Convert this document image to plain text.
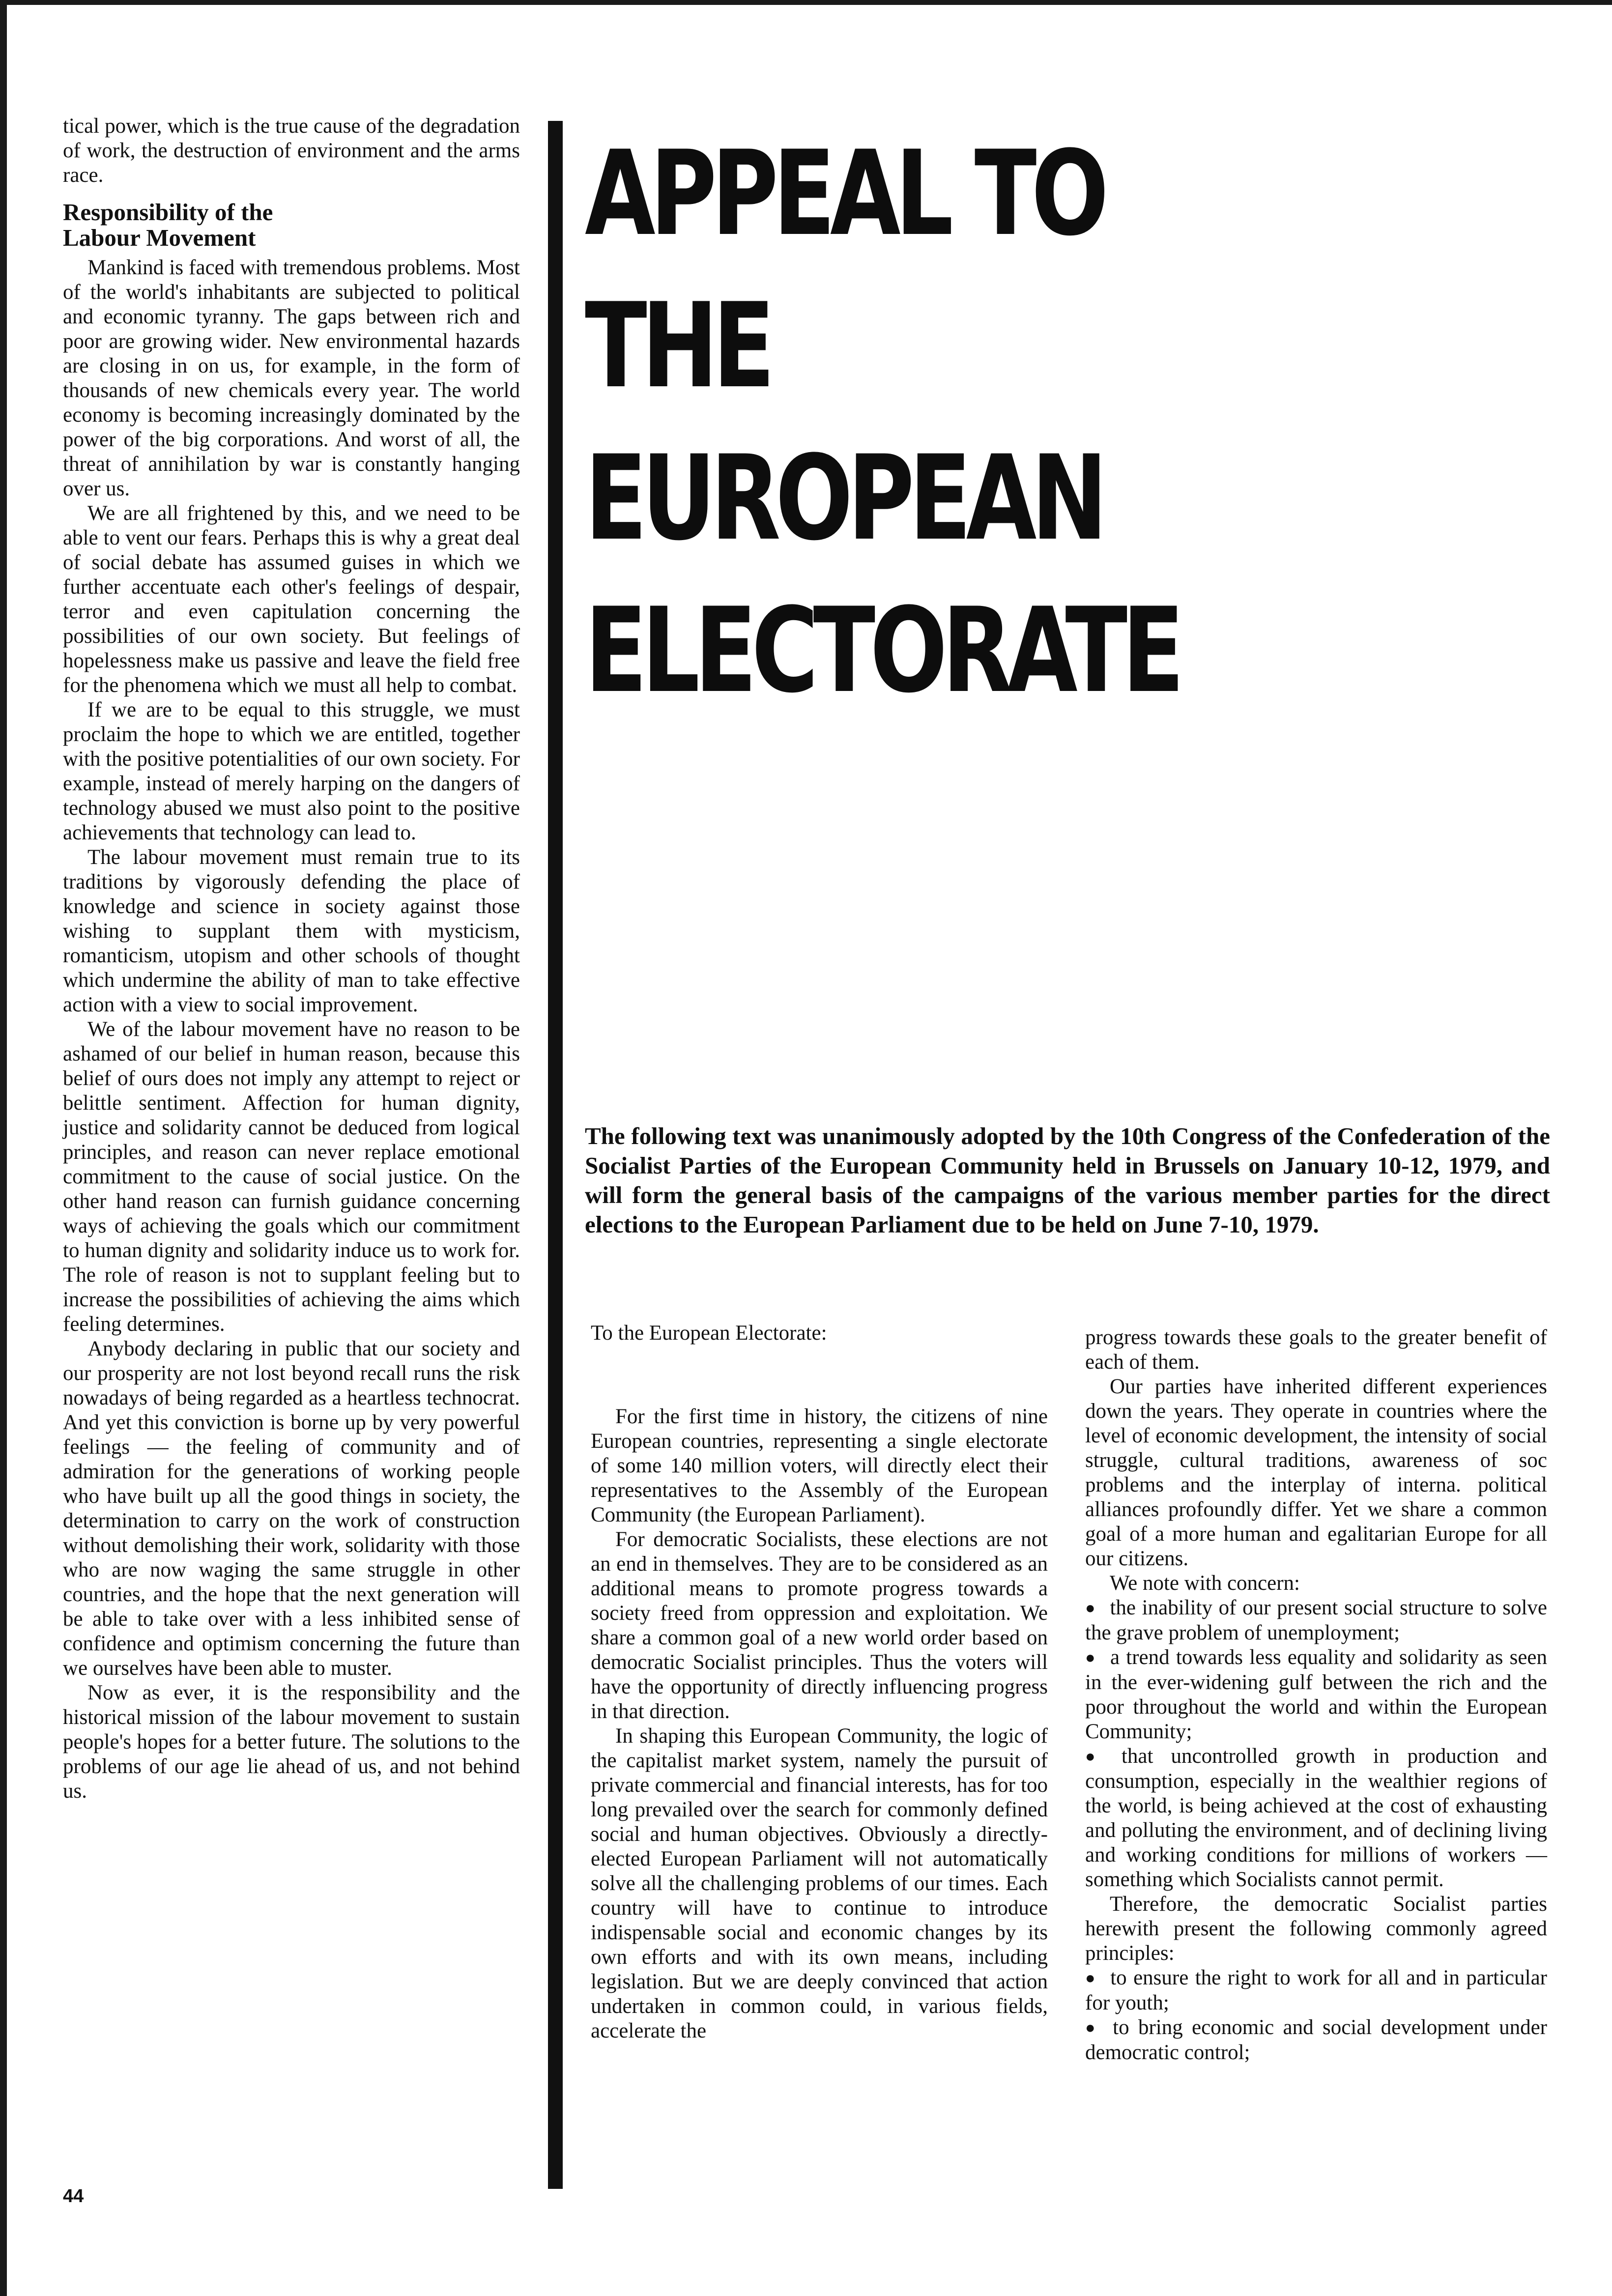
tical power, which is the true cause of the degradation of work, the destruction of environment and the arms race.

Responsibility of the Labour Movement

Mankind is faced with tremendous problems. Most of the world's inhabitants are subjected to political and economic tyranny. The gaps between rich and poor are growing wider. New environmental hazards are closing in on us, for example, in the form of thousands of new chemicals every year. The world economy is becoming increasingly dominated by the power of the big corporations. And worst of all, the threat of annihilation by war is constantly hanging over us.

We are all frightened by this, and we need to be able to vent our fears. Perhaps this is why a great deal of social debate has assumed guises in which we further accentuate each other's feelings of despair, terror and even capitulation concerning the possibilities of our own society. But feelings of hopelessness make us passive and leave the field free for the phenomena which we must all help to combat.

If we are to be equal to this struggle, we must proclaim the hope to which we are entitled, together with the positive potentialities of our own society. For example, instead of merely harping on the dangers of technology abused we must also point to the positive achievements that technology can lead to.

The labour movement must remain true to its traditions by vigorously defending the place of knowledge and science in society against those wishing to supplant them with mysticism, romanticism, utopism and other schools of thought which undermine the ability of man to take effective action with a view to social improvement.

We of the labour movement have no reason to be ashamed of our belief in human reason, because this belief of ours does not imply any attempt to reject or belittle sentiment. Affection for human dignity, justice and solidarity cannot be deduced from logical principles, and reason can never replace emotional commitment to the cause of social justice. On the other hand reason can furnish guidance concerning ways of achieving the goals which our commitment to human dignity and solidarity induce us to work for. The role of reason is not to supplant feeling but to increase the possibilities of achieving the aims which feeling determines.

Anybody declaring in public that our society and our prosperity are not lost beyond recall runs the risk nowadays of being regarded as a heartless technocrat. And yet this conviction is borne up by very powerful feelings — the feeling of community and of admiration for the generations of working people who have built up all the good things in society, the determination to carry on the work of construction without demolishing their work, solidarity with those who are now waging the same struggle in other countries, and the hope that the next generation will be able to take over with a less inhibited sense of confidence and optimism concerning the future than we ourselves have been able to muster.

Now as ever, it is the responsibility and the historical mission of the labour movement to sustain people's hopes for a better future. The solutions to the problems of our age lie ahead of us, and not behind us.

APPEAL TO THE
EUROPEAN
ELECTORATE
The following text was unanimously adopted by the 10th Congress of the Confederation of the Socialist Parties of the European Community held in Brussels on January 10-12, 1979, and will form the general basis of the campaigns of the various member parties for the direct elections to the European Parliament due to be held on June 7-10, 1979.

To the European Electorate:

For the first time in history, the citizens of nine European countries, representing a single electorate of some 140 million voters, will directly elect their representatives to the Assembly of the European Community (the European Parliament).

For democratic Socialists, these elections are not an end in themselves. They are to be considered as an additional means to promote progress towards a society freed from oppression and exploitation. We share a common goal of a new world order based on democratic Socialist principles. Thus the voters will have the opportunity of directly influencing progress in that direction.

In shaping this European Community, the logic of the capitalist market system, namely the pursuit of private commercial and financial interests, has for too long prevailed over the search for commonly defined social and human objectives. Obviously a directly-elected European Parliament will not automatically solve all the challenging problems of our times. Each country will have to continue to introduce indispensable social and economic changes by its own efforts and with its own means, including legislation. But we are deeply convinced that action undertaken in common could, in various fields, accelerate the

progress towards these goals to the greater benefit of each of them.

Our parties have inherited different experiences down the years. They operate in countries where the level of economic development, the intensity of social struggle, cultural traditions, awareness of soc problems and the interplay of interna. political alliances profoundly differ. Yet we share a common goal of a more human and egalitarian Europe for all our citizens.

We note with concern:

● the inability of our present social structure to solve the grave problem of unemployment;

● a trend towards less equality and solidarity as seen in the ever-widening gulf between the rich and the poor throughout the world and within the European Community;

● that uncontrolled growth in production and consumption, especially in the wealthier regions of the world, is being achieved at the cost of exhausting and polluting the environment, and of declining living and working conditions for millions of workers — something which Socialists cannot permit.

Therefore, the democratic Socialist parties herewith present the following commonly agreed principles:

● to ensure the right to work for all and in particular for youth;

● to bring economic and social development under democratic control;

44
